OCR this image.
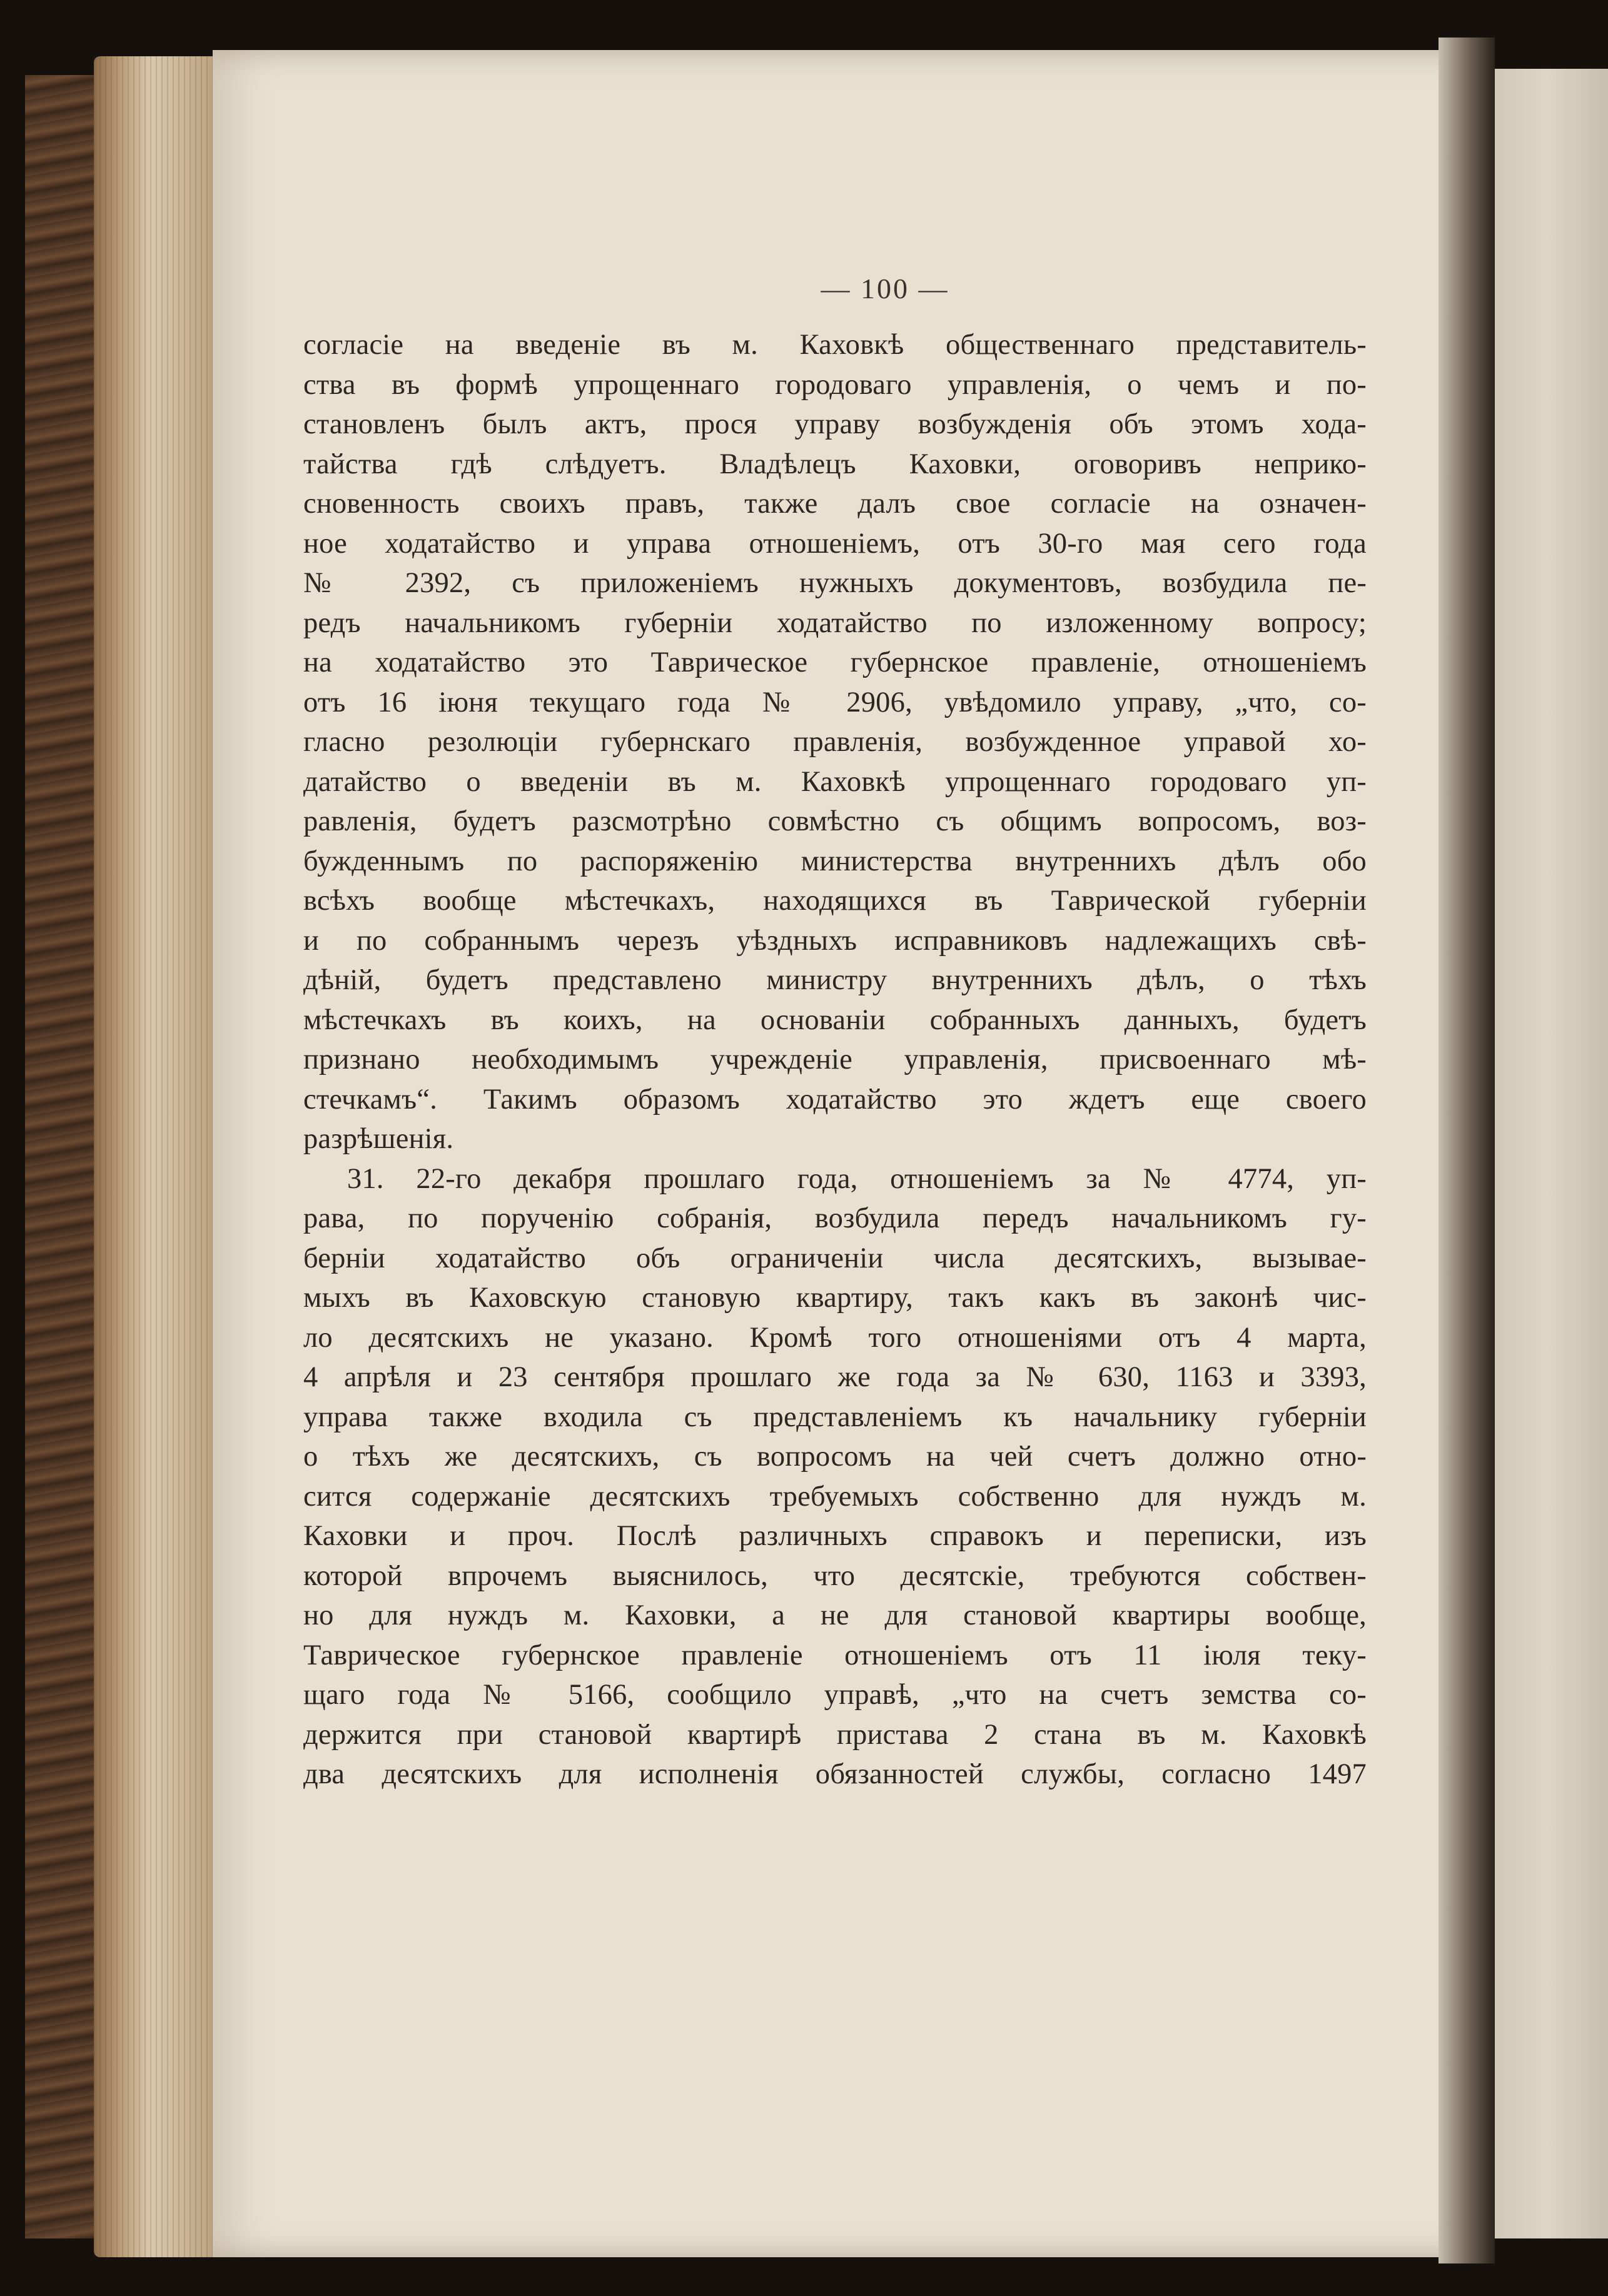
— 100 —
согласіе на введеніе въ м. Каховкѣ общественнаго представитель-
ства въ формѣ упрощеннаго городоваго управленія, о чемъ и по-
становленъ былъ актъ, прося управу возбужденія объ этомъ хода-
тайства гдѣ слѣдуетъ. Владѣлецъ Каховки, оговоривъ неприко-
сновенность своихъ правъ, также далъ свое согласіе на означен-
ное ходатайство и управа отношеніемъ, отъ 30-го мая сего года
№ 2392, съ приложеніемъ нужныхъ документовъ, возбудила пе-
редъ начальникомъ губерніи ходатайство по изложенному вопросу;
на ходатайство это Таврическое губернское правленіе, отношеніемъ
отъ 16 іюня текущаго года № 2906, увѣдомило управу, „что, со-
гласно резолюціи губернскаго правленія, возбужденное управой хо-
датайство о введеніи въ м. Каховкѣ упрощеннаго городоваго уп-
равленія, будетъ разсмотрѣно совмѣстно съ общимъ вопросомъ, воз-
бужденнымъ по распоряженію министерства внутреннихъ дѣлъ обо
всѣхъ вообще мѣстечкахъ, находящихся въ Таврической губерніи
и по собраннымъ черезъ уѣздныхъ исправниковъ надлежащихъ свѣ-
дѣній, будетъ представлено министру внутреннихъ дѣлъ, о тѣхъ
мѣстечкахъ въ коихъ, на основаніи собранныхъ данныхъ, будетъ
признано необходимымъ учрежденіе управленія, присвоеннаго мѣ-
стечкамъ“. Такимъ образомъ ходатайство это ждетъ еще своего
разрѣшенія.
31. 22-го декабря прошлаго года, отношеніемъ за № 4774, уп-
рава, по порученію собранія, возбудила передъ начальникомъ гу-
берніи ходатайство объ ограниченіи числа десятскихъ, вызывае-
мыхъ въ Каховскую становую квартиру, такъ какъ въ законѣ чис-
ло десятскихъ не указано. Кромѣ того отношеніями отъ 4 марта,
4 апрѣля и 23 сентября прошлаго же года за № 630, 1163 и 3393,
управа также входила съ представленіемъ къ начальнику губерніи
о тѣхъ же десятскихъ, съ вопросомъ на чей счетъ должно отно-
сится содержаніе десятскихъ требуемыхъ собственно для нуждъ м.
Каховки и проч. Послѣ различныхъ справокъ и переписки, изъ
которой впрочемъ выяснилось, что десятскіе, требуются собствен-
но для нуждъ м. Каховки, а не для становой квартиры вообще,
Таврическое губернское правленіе отношеніемъ отъ 11 іюля теку-
щаго года № 5166, сообщило управѣ, „что на счетъ земства со-
держится при становой квартирѣ пристава 2 стана въ м. Каховкѣ
два десятскихъ для исполненія обязанностей службы, согласно 1497
